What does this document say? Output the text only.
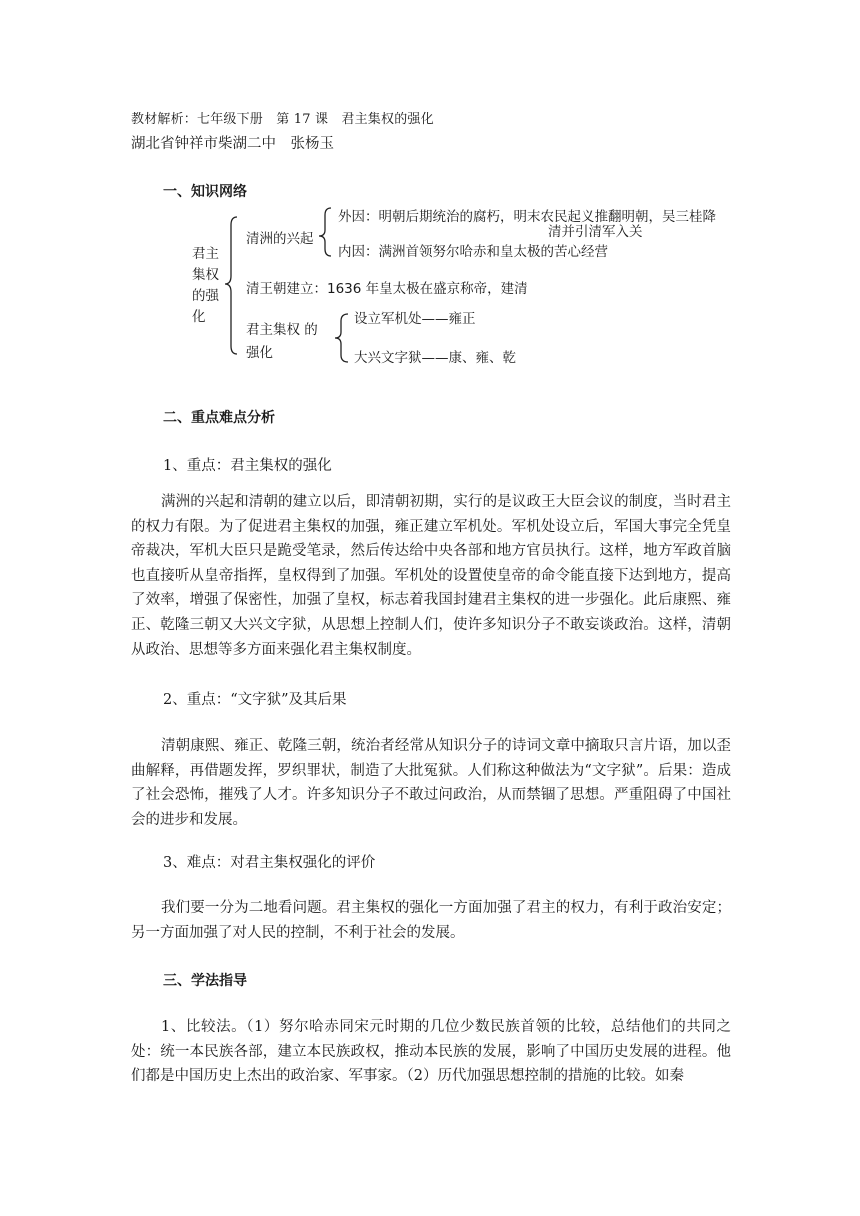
教材解析：七年级下册　第 17 课　君主集权的强化
湖北省钟祥市柴湖二中　张杨玉
一、知识网络
君主
集权
的强
化
清洲的兴起
外因：明朝后期统治的腐朽，明末农民起义推翻明朝，吴三桂降
清并引清军入关
内因：满洲首领努尔哈赤和皇太极的苦心经营
清王朝建立：1636 年皇太极在盛京称帝，建清
君主集权 的
强化
设立军机处——雍正
大兴文字狱——康、雍、乾
二、重点难点分析
1、重点：君主集权的强化
满洲的兴起和清朝的建立以后，即清朝初期，实行的是议政王大臣会议的制度，当时君主的权力有限。为了促进君主集权的加强，雍正建立军机处。军机处设立后，军国大事完全凭皇帝裁决，军机大臣只是跪受笔录，然后传达给中央各部和地方官员执行。这样，地方军政首脑也直接听从皇帝指挥，皇权得到了加强。军机处的设置使皇帝的命令能直接下达到地方，提高了效率，增强了保密性，加强了皇权，标志着我国封建君主集权的进一步强化。此后康熙、雍正、乾隆三朝又大兴文字狱，从思想上控制人们，使许多知识分子不敢妄谈政治。这样，清朝从政治、思想等多方面来强化君主集权制度。
2、重点：“文字狱”及其后果
清朝康熙、雍正、乾隆三朝，统治者经常从知识分子的诗词文章中摘取只言片语，加以歪曲解释，再借题发挥，罗织罪状，制造了大批冤狱。人们称这种做法为“文字狱”。后果：造成了社会恐怖，摧残了人才。许多知识分子不敢过问政治，从而禁锢了思想。严重阻碍了中国社会的进步和发展。
3、难点：对君主集权强化的评价
我们要一分为二地看问题。君主集权的强化一方面加强了君主的权力，有利于政治安定；另一方面加强了对人民的控制，不利于社会的发展。
三、学法指导
1、比较法。（1）努尔哈赤同宋元时期的几位少数民族首领的比较，总结他们的共同之处：统一本民族各部，建立本民族政权，推动本民族的发展，影响了中国历史发展的进程。他们都是中国历史上杰出的政治家、军事家。（2）历代加强思想控制的措施的比较。如秦
